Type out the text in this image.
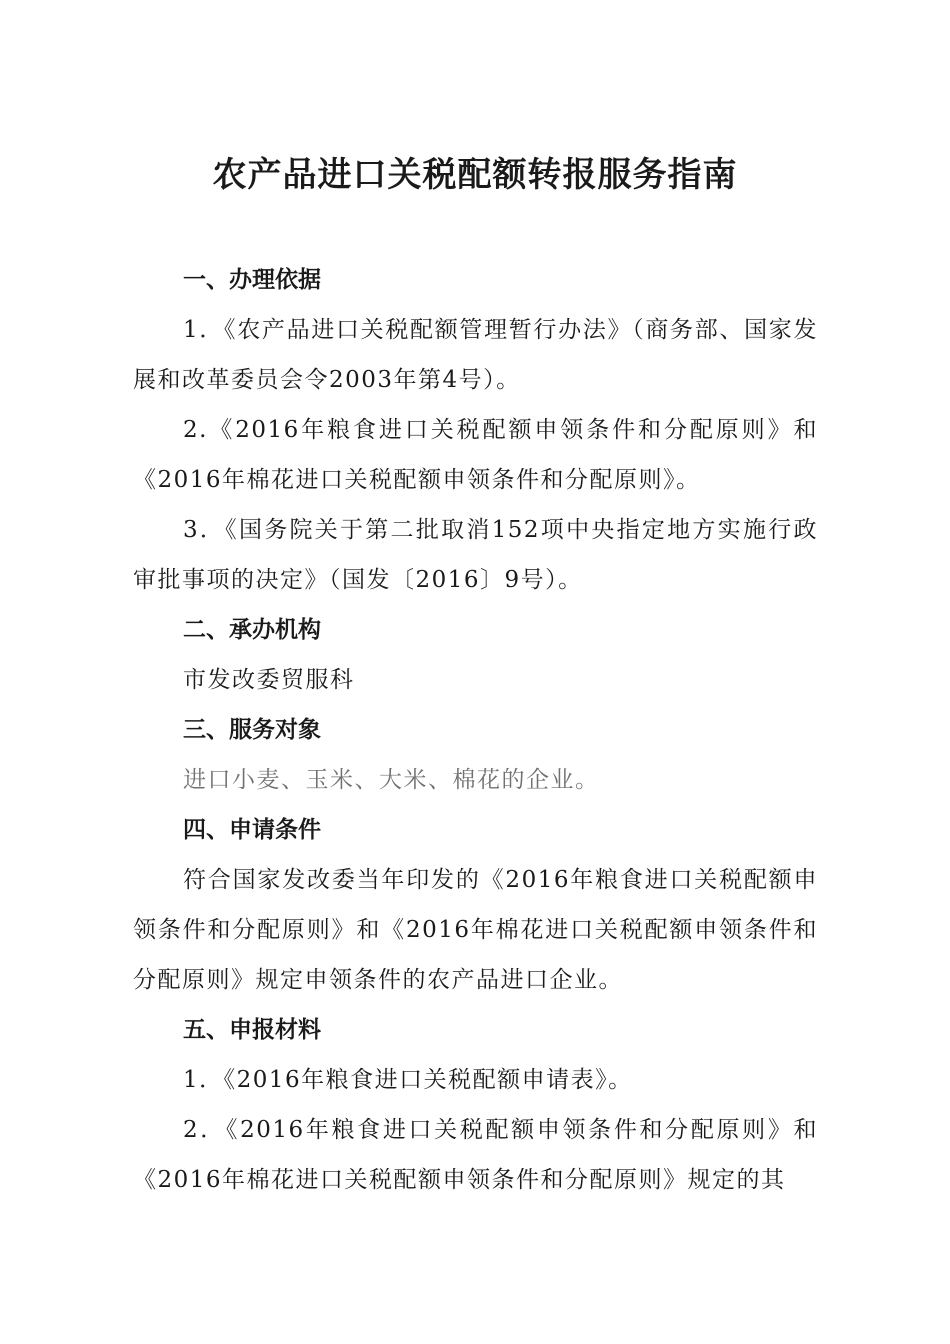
农产品进口关税配额转报服务指南
一、办理依据
1．《农产品进口关税配额管理暂行办法》（商务部、国家发展和改革委员会令2003年第4号）。
2.《2016年粮食进口关税配额申领条件和分配原则》和《2016年棉花进口关税配额申领条件和分配原则》。
3．《国务院关于第二批取消152项中央指定地方实施行政审批事项的决定》（国发〔2016〕9号）。
二、承办机构
市发改委贸服科
三、服务对象
进口小麦、玉米、大米、棉花的企业。
四、申请条件
符合国家发改委当年印发的《2016年粮食进口关税配额申领条件和分配原则》和《2016年棉花进口关税配额申领条件和分配原则》规定申领条件的农产品进口企业。
五、申报材料
1．《2016年粮食进口关税配额申请表》。
2．《2016年粮食进口关税配额申领条件和分配原则》和《2016年棉花进口关税配额申领条件和分配原则》规定的其
